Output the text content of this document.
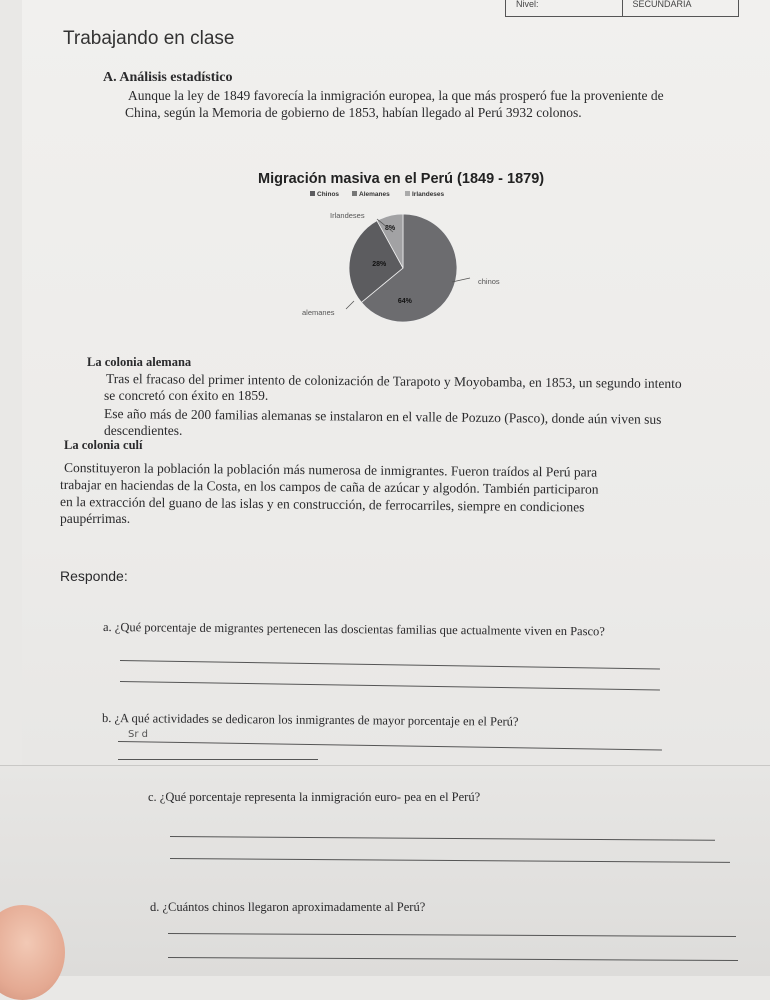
Nivel:	SECUNDARIA
Trabajando en clase
A. Análisis estadístico
Aunque la ley de 1849 favorecía la inmigración europea, la que más prosperó fue la proveniente de
China, según la Memoria de gobierno de 1853, habían llegado al Perú 3932 colonos.
Migración masiva en el Perú (1849 - 1879)
Chinos	Alemanes	Irlandeses
64%
28%
8%
Irlandeses
chinos
alemanes
La colonia alemana
Tras el fracaso del primer intento de colonización de Tarapoto y Moyobamba, en 1853, un segundo intento
se concretó con éxito en 1859.
Ese año más de 200 familias alemanas se instalaron en el valle de Pozuzo (Pasco), donde aún viven sus
descendientes.
La colonia culí
Constituyeron la población la población más numerosa de inmigrantes. Fueron traídos al Perú para
trabajar en haciendas de la Costa, en los campos de caña de azúcar y algodón. También participaron
en la extracción del guano de las islas y en construcción, de ferrocarriles, siempre en condiciones
paupérrimas.
Responde:
a. ¿Qué porcentaje de migrantes pertenecen las doscientas familias que actualmente viven en Pasco?
b. ¿A qué actividades se dedicaron los inmigrantes de mayor porcentaje en el Perú?
Sr d
c. ¿Qué porcentaje representa la inmigración euro- pea en el Perú?
d. ¿Cuántos chinos llegaron aproximadamente al Perú?
